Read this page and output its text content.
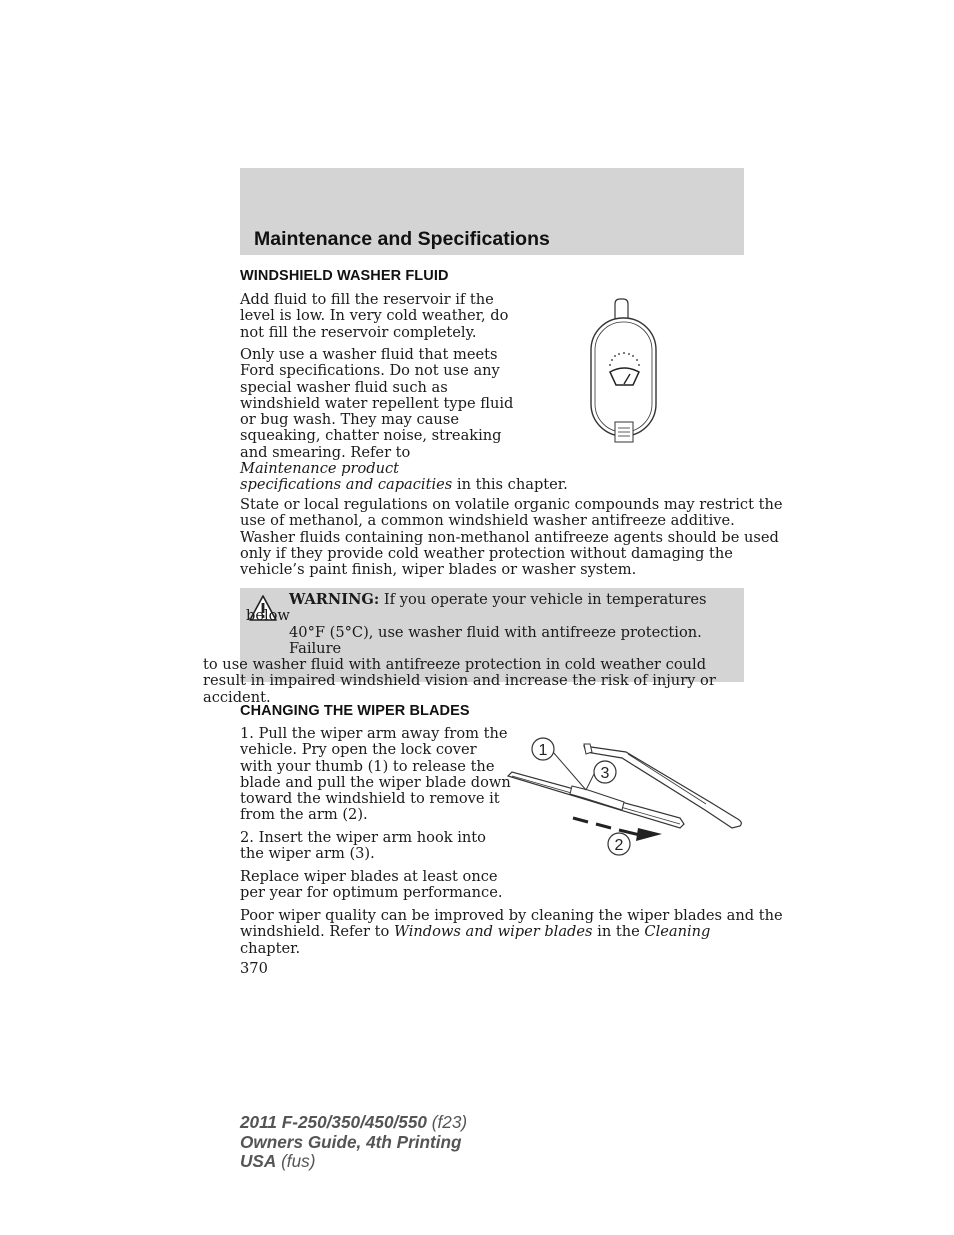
Maintenance and Specifications
WINDSHIELD WASHER FLUID

Add fluid to fill the reservoir if the
level is low. In very cold weather, do
not fill the reservoir completely.

Only use a washer fluid that meets
Ford specifications. Do not use any
special washer fluid such as
windshield water repellent type fluid
or bug wash. They may cause
squeaking, chatter noise, streaking
and smearing. Refer to
Maintenance product
specifications and capacities in this chapter.

State or local regulations on volatile organic compounds may restrict the
use of methanol, a common windshield washer antifreeze additive.
Washer fluids containing non-methanol antifreeze agents should be used
only if they provide cold weather protection without damaging the
vehicle’s paint finish, wiper blades or washer system.

WARNING: If you operate your vehicle in temperatures below
40°F (5°C), use washer fluid with antifreeze protection. Failure
to use washer fluid with antifreeze protection in cold weather could
result in impaired windshield vision and increase the risk of injury or
accident.

CHANGING THE WIPER BLADES

1. Pull the wiper arm away from the
vehicle. Pry open the lock cover
with your thumb (1) to release the
blade and pull the wiper blade down
toward the windshield to remove it
from the arm (2).

2. Insert the wiper arm hook into
the wiper arm (3).

Replace wiper blades at least once
per year for optimum performance.

1
3
2

Poor wiper quality can be improved by cleaning the wiper blades and the
windshield. Refer to Windows and wiper blades in the Cleaning
chapter.

370
2011 F-250/350/450/550 (f23)
Owners Guide, 4th Printing
USA (fus)
